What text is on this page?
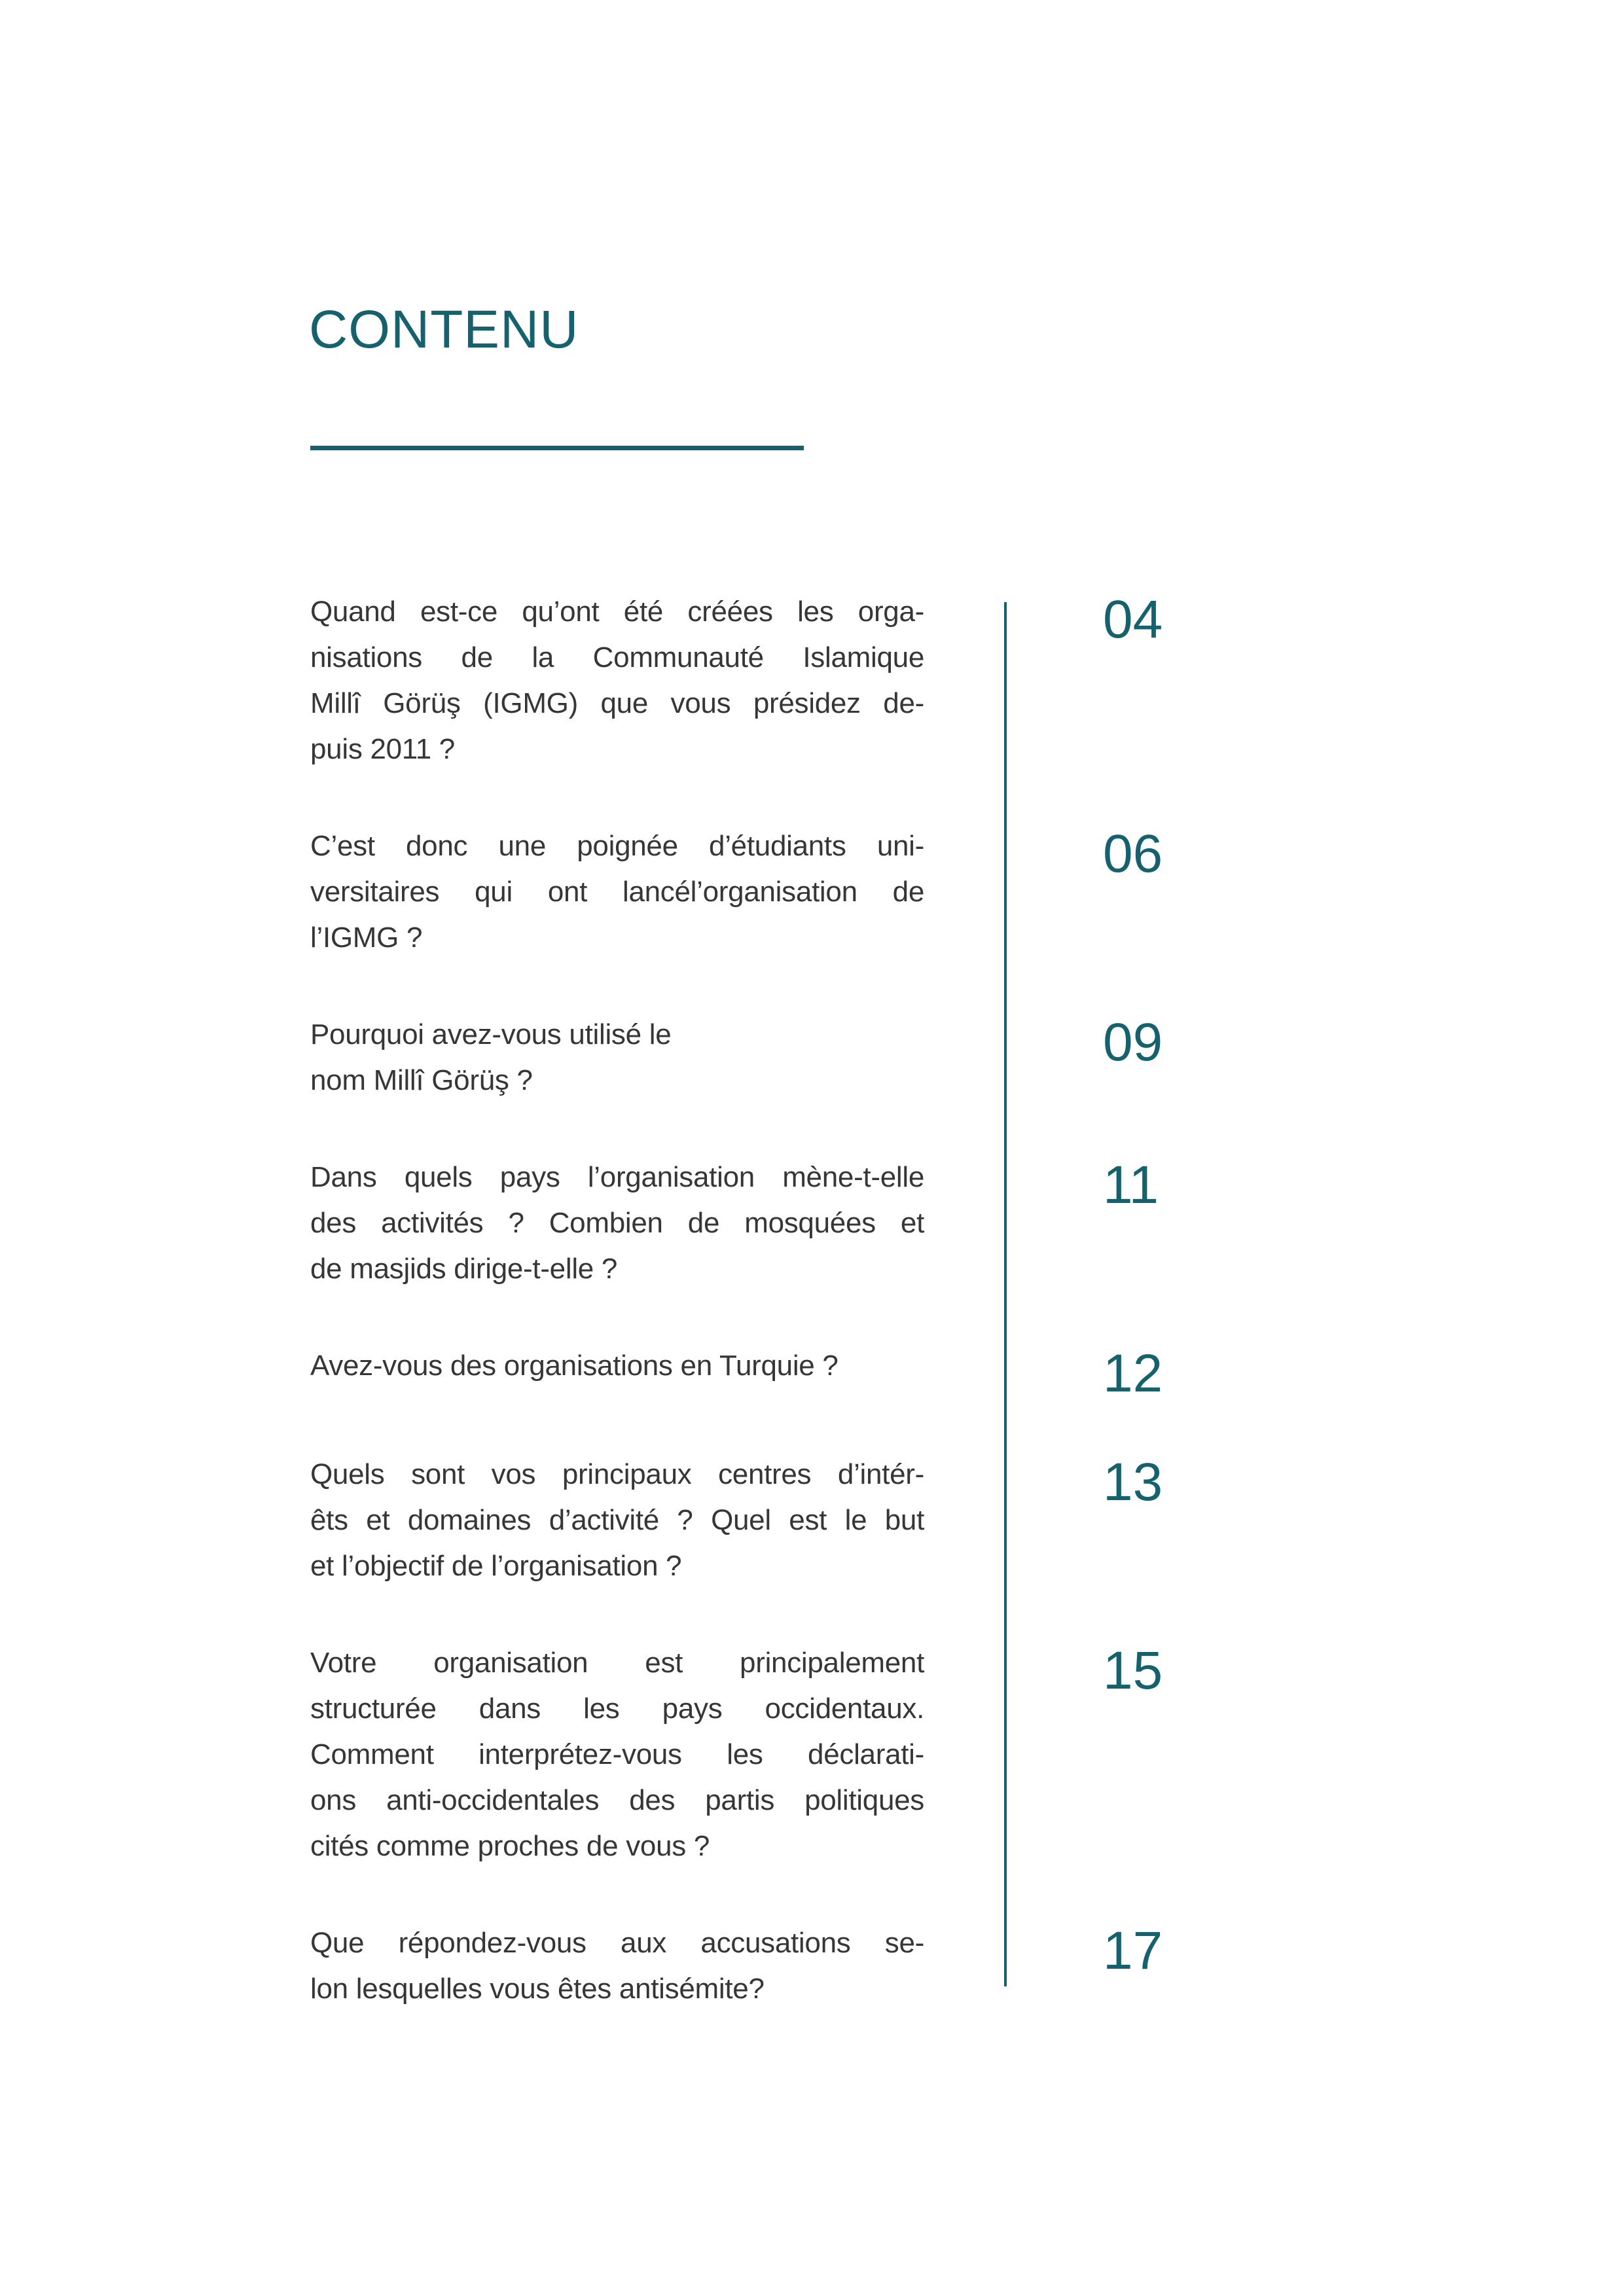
CONTENU
Quand est-ce qu’ont été créées les orga-
nisations de la Communauté Islamique
Millî Görüş (IGMG) que vous présidez de-
puis 2011 ?
04
C’est donc une poignée d’étudiants uni-
versitaires qui ont lancél’organisation de
l’IGMG ?
06
Pourquoi avez-vous utilisé le
nom Millî Görüş ?
09
Dans quels pays l’organisation mène-t-elle
des activités ? Combien de mosquées et
de masjids dirige-t-elle ?
11
Avez-vous des organisations en Turquie ?	12
Quels sont vos principaux centres d’intér-
êts et domaines d’activité ? Quel est le but
et l’objectif de l’organisation ?
13
Votre organisation est principalement
structurée dans les pays occidentaux.
Comment interprétez-vous les déclarati-
ons anti-occidentales des partis politiques
cités comme proches de vous ?
15
Que répondez-vous aux accusations se-
lon lesquelles vous êtes antisémite?
17
